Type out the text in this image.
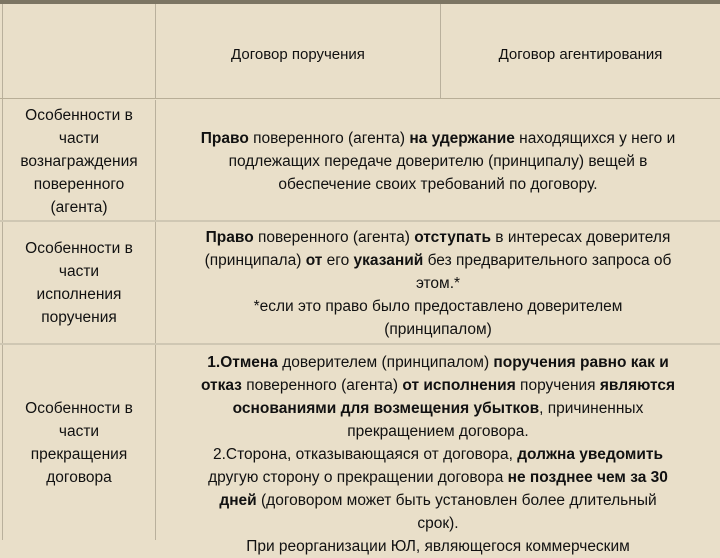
Договор поручения	Договор агентирования
Особенности в
части
вознаграждения
поверенного
(агента)
Право поверенного (агента) на удержание находящихся у него и
подлежащих передаче доверителю (принципалу) вещей в
обеспечение своих требований по договору.
Особенности в
части
исполнения
поручения
Право поверенного (агента) отступать в интересах доверителя
(принципала) от его указаний без предварительного запроса об
этом.*
*если это право было предоставлено доверителем
(принципалом)
Особенности в
части
прекращения
договора
1.Отмена доверителем (принципалом) поручения равно как и
отказ поверенного (агента) от исполнения поручения являются
основаниями для возмещения убытков, причиненных
прекращением договора.
2.Сторона, отказывающаяся от договора, должна уведомить
другую сторону о прекращении договора не позднее чем за 30
дней (договором может быть установлен более длительный
срок).
При реорганизации ЮЛ, являющегося коммерческим
